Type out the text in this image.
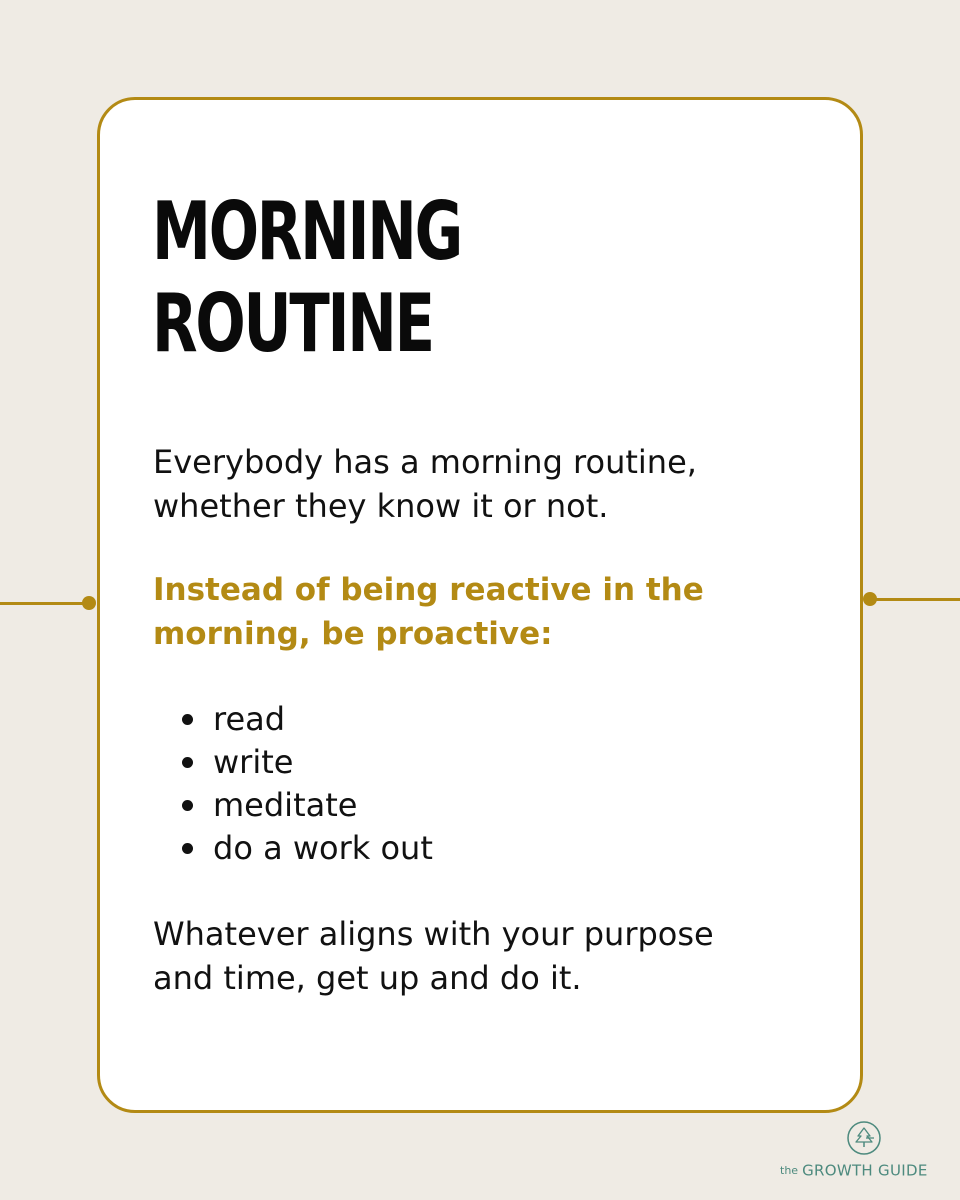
MORNING
ROUTINE

Everybody has a morning routine,
whether they know it or not.

Instead of being reactive in the
morning, be proactive:

read
write
meditate
do a work out

Whatever aligns with your purpose
and time, get up and do it.

the GROWTH GUIDE
